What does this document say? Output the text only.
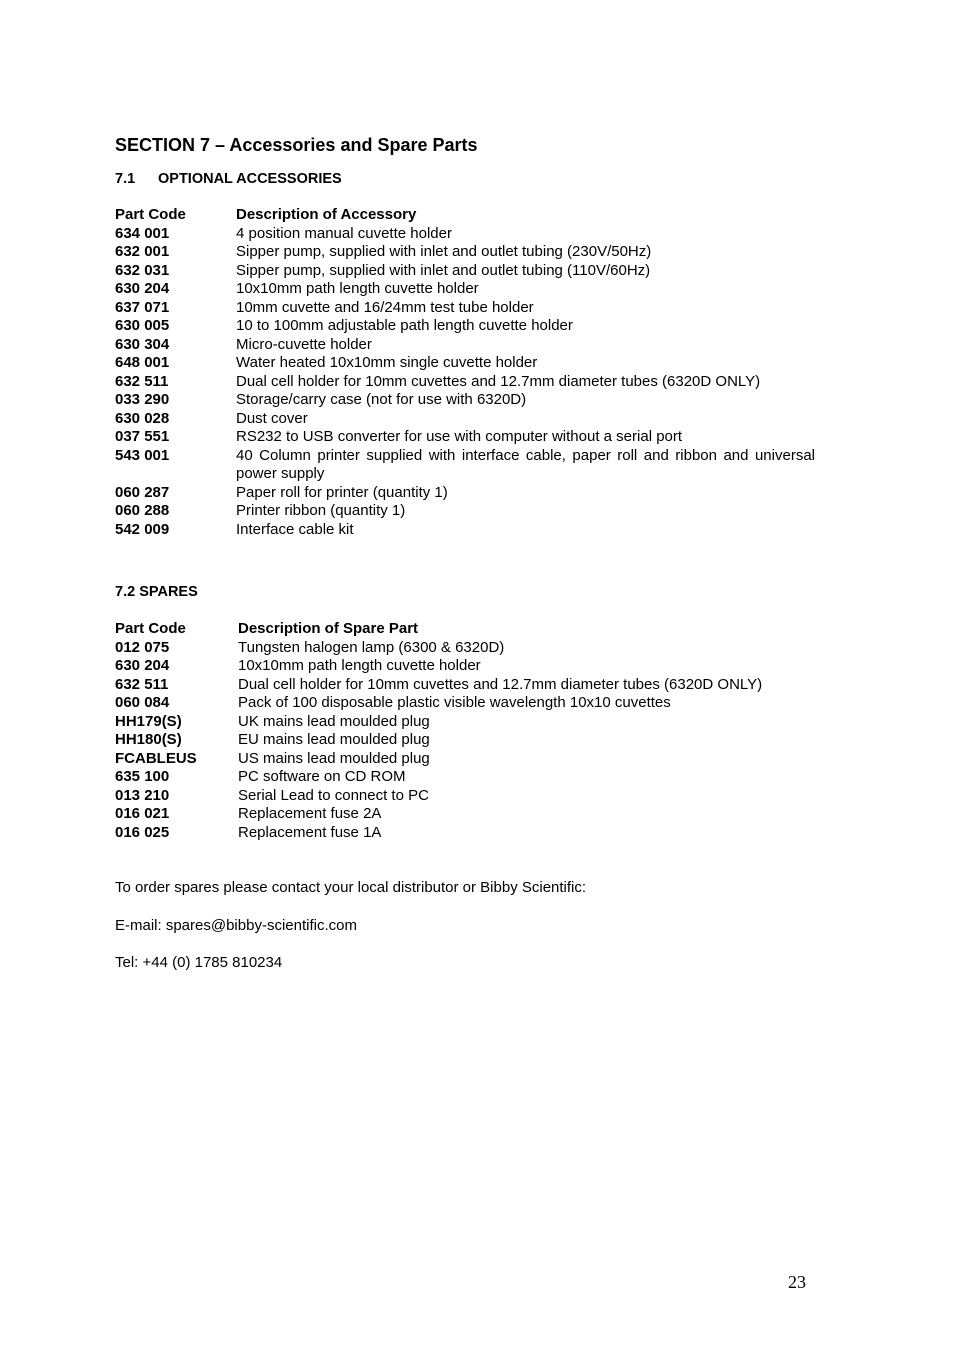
SECTION 7 – Accessories and Spare Parts
7.1 OPTIONAL ACCESSORIES
Part Code	Description of Accessory
634 001	4 position manual cuvette holder
632 001	Sipper pump, supplied with inlet and outlet tubing (230V/50Hz)
632 031	Sipper pump, supplied with inlet and outlet tubing (110V/60Hz)
630 204	10x10mm path length cuvette holder
637 071	10mm cuvette and 16/24mm test tube holder
630 005	10 to 100mm adjustable path length cuvette holder
630 304	Micro-cuvette holder
648 001	Water heated 10x10mm single cuvette holder
632 511	Dual cell holder for 10mm cuvettes and 12.7mm diameter tubes (6320D ONLY)
033 290	Storage/carry case (not for use with 6320D)
630 028	Dust cover
037 551	RS232 to USB converter for use with computer without a serial port
543 001	40 Column printer supplied with interface cable, paper roll and ribbon and universal power supply
060 287	Paper roll for printer (quantity 1)
060 288	Printer ribbon (quantity 1)
542 009	Interface cable kit
7.2 SPARES
Part Code	Description of Spare Part
012 075	Tungsten halogen lamp (6300 & 6320D)
630 204	10x10mm path length cuvette holder
632 511	Dual cell holder for 10mm cuvettes and 12.7mm diameter tubes (6320D ONLY)
060 084	Pack of 100 disposable plastic visible wavelength 10x10 cuvettes
HH179(S)	UK mains lead moulded plug
HH180(S)	EU mains lead moulded plug
FCABLEUS	US mains lead moulded plug
635 100	PC software on CD ROM
013 210	Serial Lead to connect to PC
016 021	Replacement fuse 2A
016 025	Replacement fuse 1A

To order spares please contact your local distributor or Bibby Scientific:

E-mail: spares@bibby-scientific.com

Tel: +44 (0) 1785 810234

23
